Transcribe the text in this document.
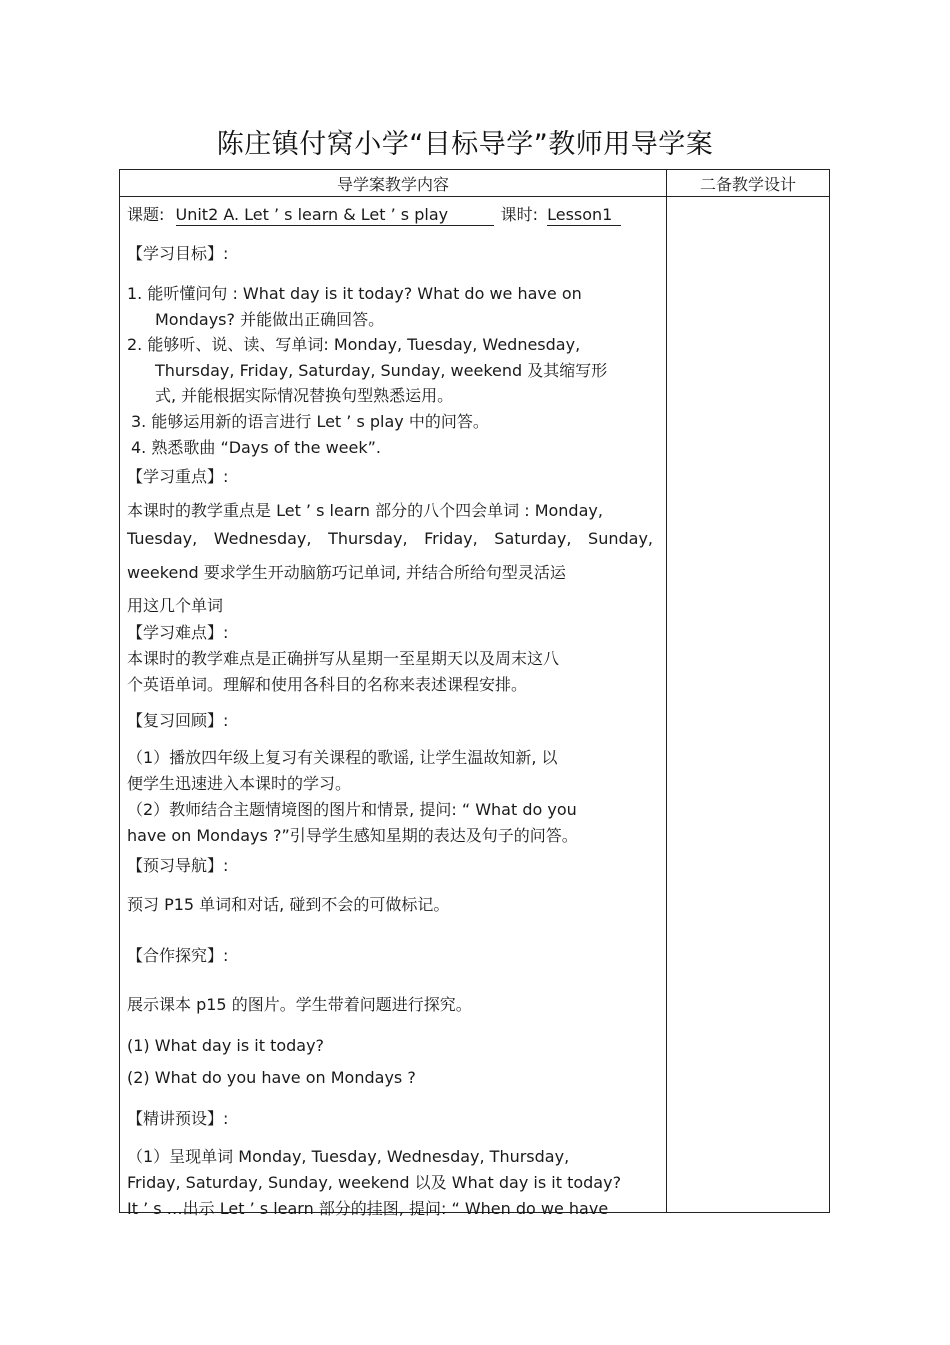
陈庄镇付窝小学“目标导学”教师用导学案
导学案教学内容	二备教学设计
课题: Unit2 A. Let ’ s learn & Let ’ s play	课时: Lesson1
【学习目标】:
1. 能听懂问句 : What day is it today? What do we have on
Mondays? 并能做出正确回答。
2. 能够听、说、读、写单词: Monday, Tuesday, Wednesday,
Thursday, Friday, Saturday, Sunday, weekend 及其缩写形
式, 并能根据实际情况替换句型熟悉运用。
3. 能够运用新的语言进行 Let ’ s play 中的问答。
4. 熟悉歌曲 “Days of the week”.
【学习重点】:
本课时的教学重点是 Let ’ s learn 部分的八个四会单词 : Monday,
Tuesday, Wednesday, Thursday, Friday, Saturday, Sunday,
weekend 要求学生开动脑筋巧记单词, 并结合所给句型灵活运
用这几个单词
【学习难点】:
本课时的教学难点是正确拼写从星期一至星期天以及周末这八
个英语单词。理解和使用各科目的名称来表述课程安排。
【复习回顾】:
（1）播放四年级上复习有关课程的歌谣, 让学生温故知新, 以
便学生迅速进入本课时的学习。
（2）教师结合主题情境图的图片和情景, 提问: “ What do you
have on Mondays ?”引导学生感知星期的表达及句子的问答。
【预习导航】:
预习 P15 单词和对话, 碰到不会的可做标记。
【合作探究】:
展示课本 p15 的图片。学生带着问题进行探究。
(1) What day is it today?
(2) What do you have on Mondays ?
【精讲预设】:
（1）呈现单词 Monday, Tuesday, Wednesday, Thursday,
Friday, Saturday, Sunday, weekend 以及 What day is it today?
It ’ s …出示 Let ’ s learn 部分的挂图, 提问: “ When do we have
